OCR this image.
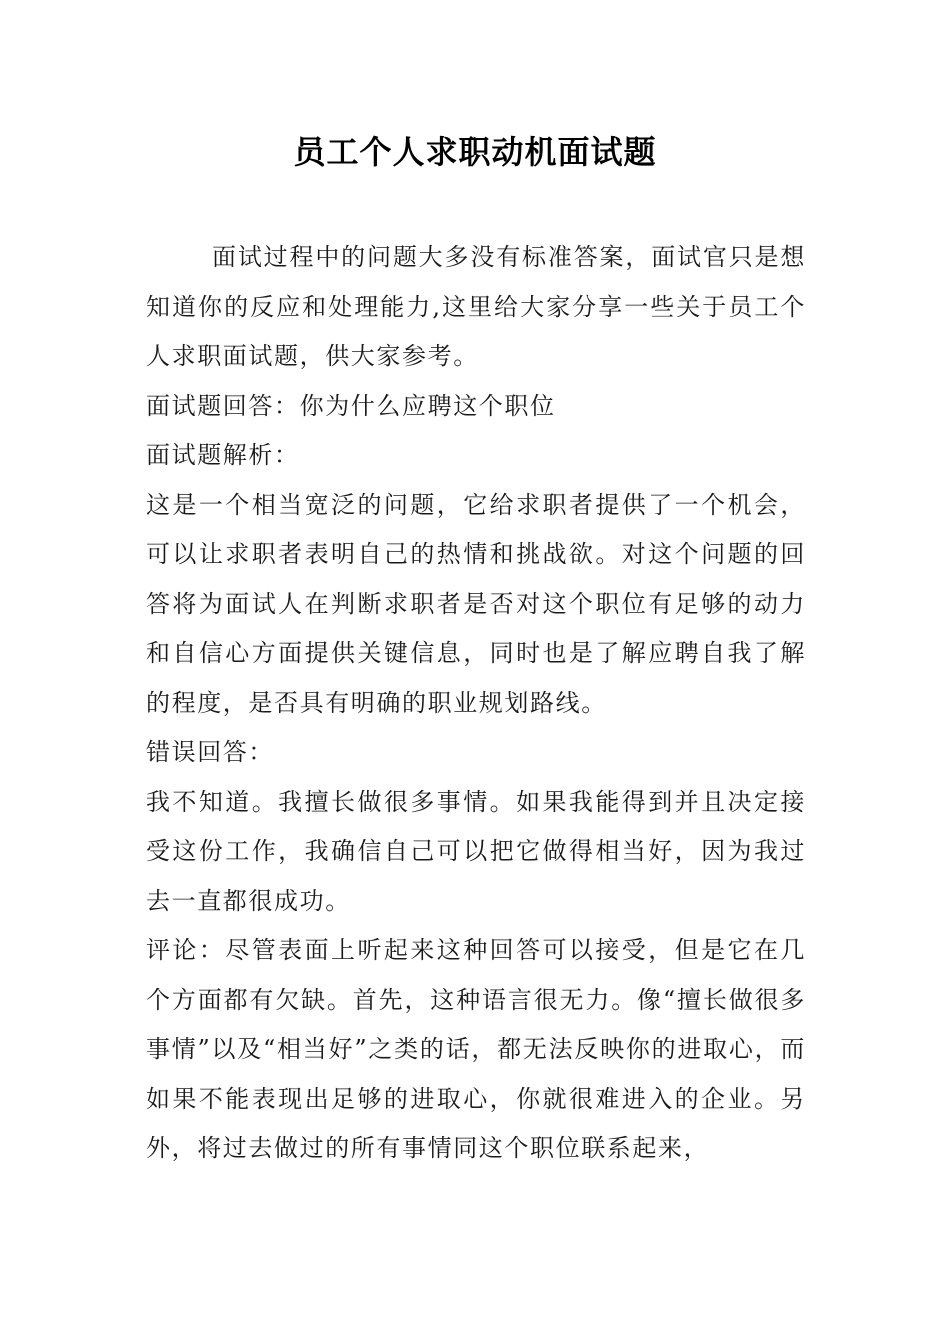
员工个人求职动机面试题

面试过程中的问题大多没有标准答案，面试官只是想知道你的反应和处理能力,这里给大家分享一些关于员工个人求职面试题，供大家参考。

面试题回答：你为什么应聘这个职位

面试题解析：

这是一个相当宽泛的问题，它给求职者提供了一个机会，可以让求职者表明自己的热情和挑战欲。对这个问题的回答将为面试人在判断求职者是否对这个职位有足够的动力和自信心方面提供关键信息，同时也是了解应聘自我了解的程度，是否具有明确的职业规划路线。

错误回答：

我不知道。我擅长做很多事情。如果我能得到并且决定接受这份工作，我确信自己可以把它做得相当好，因为我过去一直都很成功。

评论：尽管表面上听起来这种回答可以接受，但是它在几个方面都有欠缺。首先，这种语言很无力。像“擅长做很多事情”以及“相当好”之类的话，都无法反映你的进取心，而如果不能表现出足够的进取心，你就很难进入的企业。另外，将过去做过的所有事情同这个职位联系起来，
